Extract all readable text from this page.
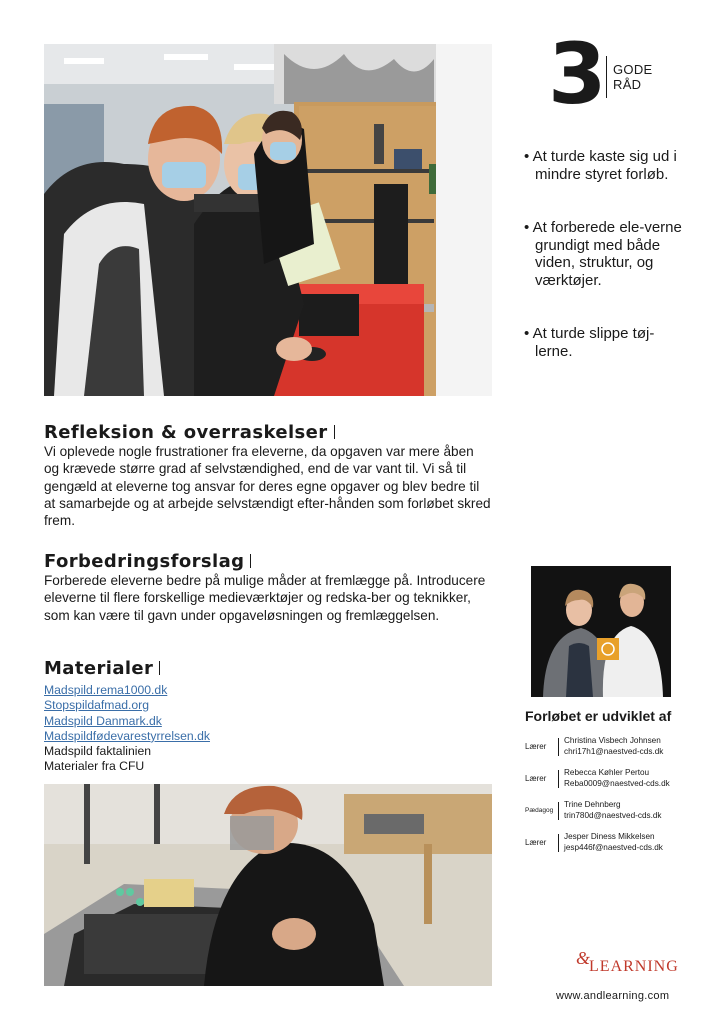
3 GODE
RÅD
• At turde kaste sig ud i mindre styret forløb.
• At forberede ele-verne grundigt med både viden, struktur, og værktøjer.
• At turde slippe tøj-lerne.
Refleksion & overraskelser

Vi oplevede nogle frustrationer fra eleverne, da opgaven var mere åben og krævede større grad af selvstændighed, end de var vant til. Vi så til gengæld at eleverne tog ansvar for deres egne opgaver og blev bedre til at samarbejde og at arbejde selvstændigt efter-hånden som forløbet skred frem.

Forbedringsforslag

Forberede eleverne bedre på mulige måder at fremlægge på. Introducere eleverne til flere forskellige medieværktøjer og redska-ber og teknikker, som kan være til gavn under opgaveløsningen og fremlæggelsen.

Materialer
Madspild.rema1000.dk
Stopspildafmad.org
Madspild Danmark.dk
Madspildfødevarestyrrelsen.dk
Madspild faktalinien
Materialer fra CFU
Forløbet er udviklet af
Lærer
Christina Visbech Johnsen
chri17h1@naestved-cds.dk
Lærer
Rebecca Køhler Pertou
Reba0009@naestved-cds.dk
Pædagog
Trine Dehnberg
trin780d@naestved-cds.dk
Lærer
Jesper Diness Mikkelsen
jesp446f@naestved-cds.dk
&LEARNING
www.andlearning.com
